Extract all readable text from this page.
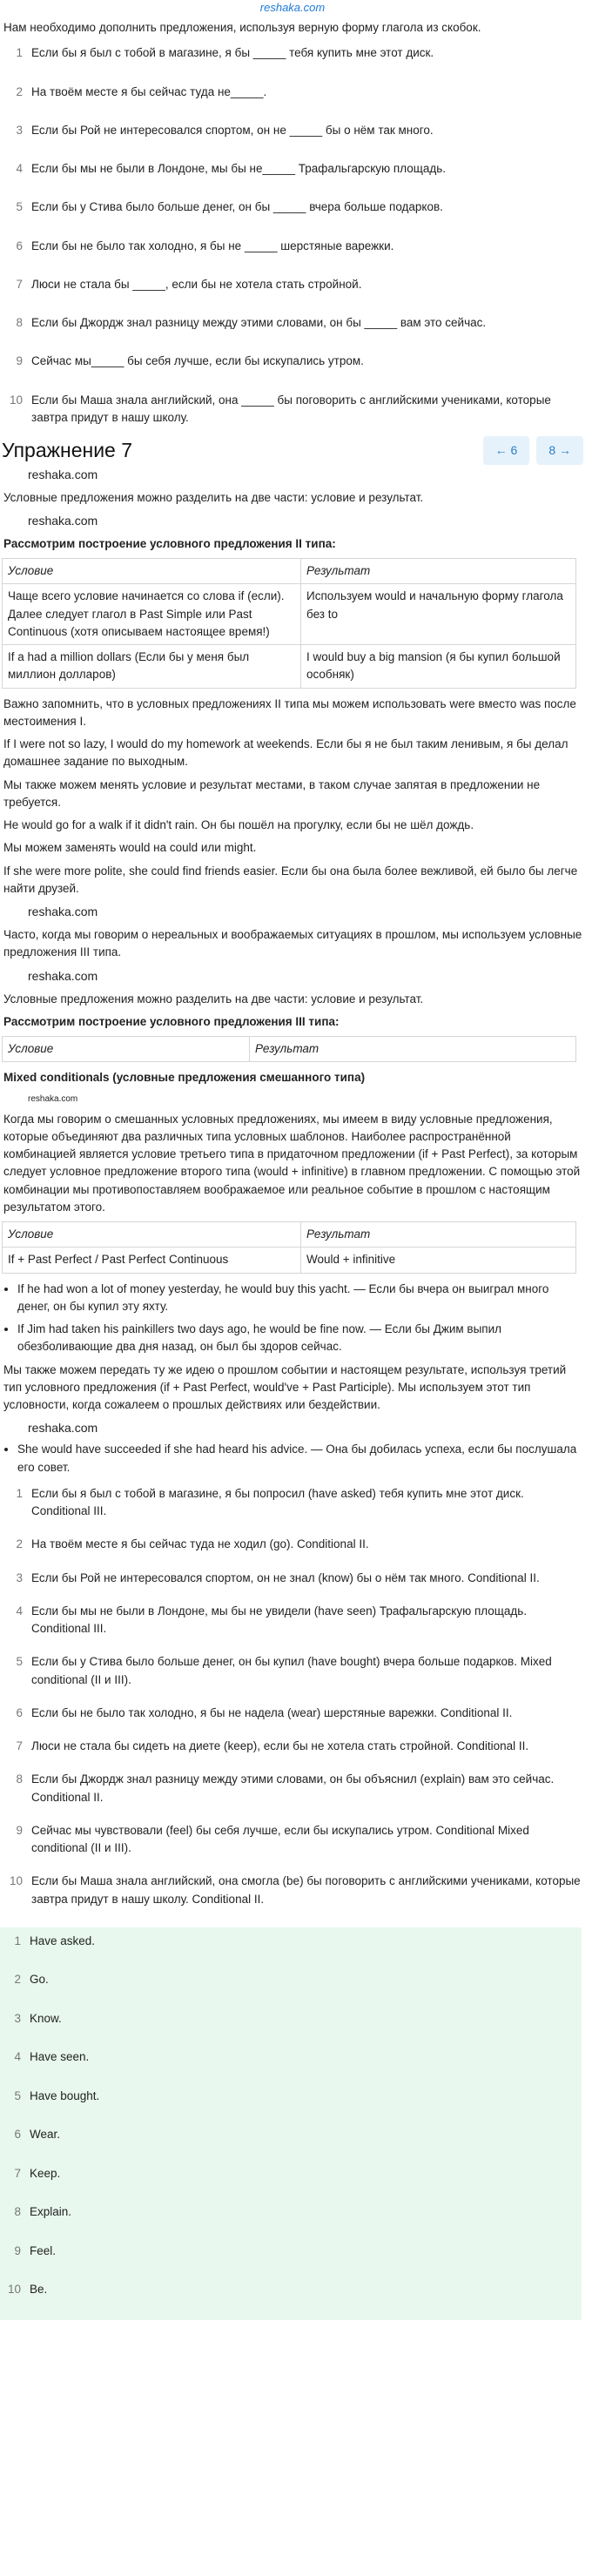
reshaka.com
Нам необходимо дополнить предложения, используя верную форму глагола из скобок.
1 Если бы я был с тобой в магазине, я бы _____ тебя купить мне этот диск.
2 На твоём месте я бы сейчас туда не_____.
3 Если бы Рой не интересовался спортом, он не _____ бы о нём так много.
4 Если бы мы не были в Лондоне, мы бы не_____ Трафальгарскую площадь.
5 Если бы у Стива было больше денег, он бы _____ вчера больше подарков.
6 Если бы не было так холодно, я бы не _____ шерстяные варежки.
7 Люси не стала бы _____, если бы не хотела стать стройной.
8 Если бы Джордж знал разницу между этими словами, он бы _____ вам это сейчас.
9 Сейчас мы_____ бы себя лучше, если бы искупались утром.
10 Если бы Маша знала английский, она _____ бы поговорить с английскими учениками, которые завтра придут в нашу школу.
Упражнение 7	← 6	8 →
reshaka.com
Условные предложения можно разделить на две части: условие и результат.
reshaka.com
Рассмотрим построение условного предложения II типа:
Условие	Результат
Чаще всего условие начинается со слова if (если). Далее следует глагол в Past Simple или Past Continuous (хотя описываем настоящее время!)	Используем would и начальную форму глагола без to
If a had a million dollars (Если бы у меня был миллион долларов)	I would buy a big mansion (я бы купил большой особняк)
Важно запомнить, что в условных предложениях II типа мы можем использовать were вместо was после местоимения I.
If I were not so lazy, I would do my homework at weekends. Если бы я не был таким ленивым, я бы делал домашнее задание по выходным.
Мы также можем менять условие и результат местами, в таком случае запятая в предложении не требуется.
He would go for a walk if it didn't rain. Он бы пошёл на прогулку, если бы не шёл дождь.
Мы можем заменять would на could или might.
If she were more polite, she could find friends easier. Если бы она была более вежливой, ей было бы легче найти друзей.
reshaka.com
Часто, когда мы говорим о нереальных и воображаемых ситуациях в прошлом, мы используем условные предложения III типа.
reshaka.com
Условные предложения можно разделить на две части: условие и результат.
Рассмотрим построение условного предложения III типа:
Условие	Результат
Mixed conditionals (условные предложения смешанного типа)
reshaka.com
Когда мы говорим о смешанных условных предложениях, мы имеем в виду условные предложения, которые объединяют два различных типа условных шаблонов. Наиболее распространённой комбинацией является условие третьего типа в придаточном предложении (if + Past Perfect), за которым следует условное предложение второго типа (would + infinitive) в главном предложении. С помощью этой комбинации мы противопоставляем воображаемое или реальное событие в прошлом с настоящим результатом этого.
Условие	Результат
If + Past Perfect / Past Perfect Continuous	Would + infinitive
• If he had won a lot of money yesterday, he would buy this yacht. — Если бы вчера он выиграл много денег, он бы купил эту яхту.
• If Jim had taken his painkillers two days ago, he would be fine now. — Если бы Джим выпил обезболивающие два дня назад, он был бы здоров сейчас.
Мы также можем передать ту же идею о прошлом событии и настоящем результате, используя третий тип условного предложения (if + Past Perfect, would've + Past Participle). Мы используем этот тип условности, когда сожалеем о прошлых действиях или бездействии.
reshaka.com
• She would have succeeded if she had heard his advice. — Она бы добилась успеха, если бы послушала его совет.
1 Если бы я был с тобой в магазине, я бы попросил (have asked) тебя купить мне этот диск. Conditional III.
2 На твоём месте я бы сейчас туда не ходил (go). Conditional II.
3 Если бы Рой не интересовался спортом, он не знал (know) бы о нём так много. Conditional II.
4 Если бы мы не были в Лондоне, мы бы не увидели (have seen) Трафальгарскую площадь. Conditional III.
5 Если бы у Стива было больше денег, он бы купил (have bought) вчера больше подарков. Mixed conditional (II и III).
6 Если бы не было так холодно, я бы не надела (wear) шерстяные варежки. Conditional II.
7 Люси не стала бы сидеть на диете (keep), если бы не хотела стать стройной. Conditional II.
8 Если бы Джордж знал разницу между этими словами, он бы объяснил (explain) вам это сейчас. Conditional II.
9 Сейчас мы чувствовали (feel) бы себя лучше, если бы искупались утром. Conditional Mixed conditional (II и III).
10 Если бы Маша знала английский, она смогла (be) бы поговорить с английскими учениками, которые завтра придут в нашу школу. Conditional II.
1 Have asked.
2 Go.
3 Know.
4 Have seen.
5 Have bought.
6 Wear.
7 Keep.
8 Explain.
9 Feel.
10 Be.
